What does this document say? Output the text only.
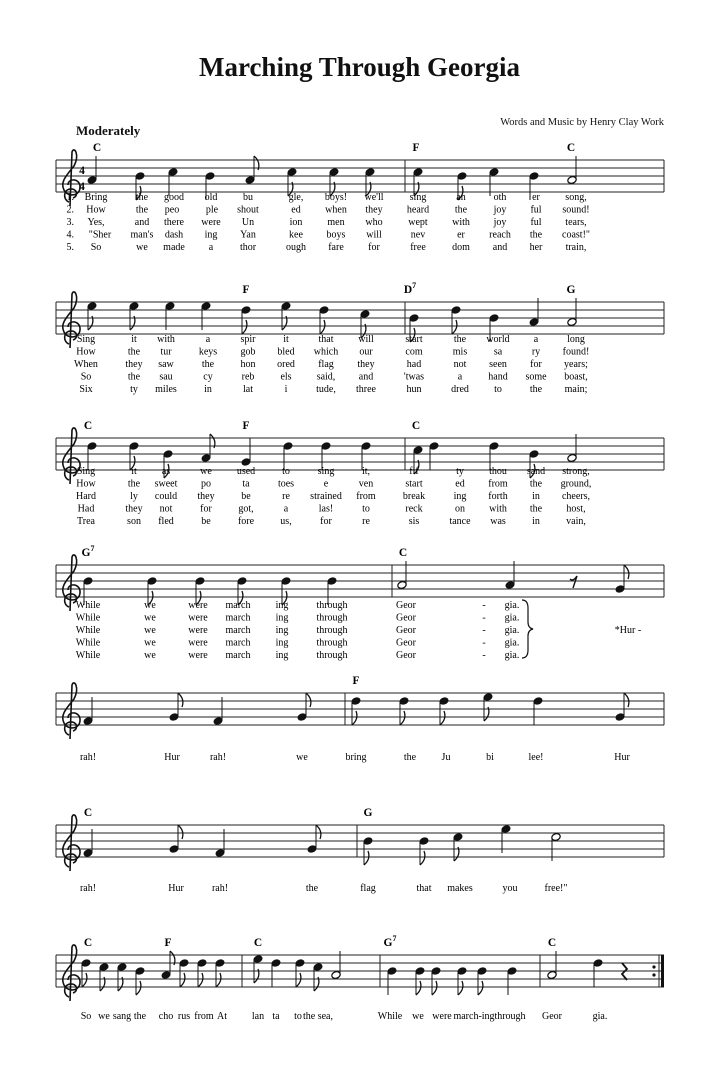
Marching Through Georgia
Words and Music by Henry Clay Work
Moderately
4
4
C	F	C
1. Bring	the good old	bu	gle, boys! we'll	sing	an	oth	er	song,
2. How	the peo	ple shout	ed when they heard	the	joy ful sound!
3. Yes,	and there were Un	ion	men who	wept with joy ful tears,
4. "Sher man's dash ing Yan	kee boys will	nev	er reach the coast!"
5. So	we made a	thor	ough fare for	free	dom and her train,
F	$D^7$	G
Sing	it with	a	spir	it	that will	start	the world a	long
How	the tur	keys gob bled which our	com	mis	sa	ry found!
When	they saw	the	hon ored flag they	had	not seen for years;
So	the sau	cy	reb	els	said, and	'twas	a	hand some boast,
Six	ty miles	in	lat	i	tude, three	hun	dred	to	the main;
C	F	C
Sing	it	as	we used	to	sing	it,	fif	ty	thou sand strong,
How	the sweet po	ta	toes	e	ven	start	ed from the ground,
Hard	ly could they	be	re strained from	break	ing forth in cheers,
Had	they not	for	got,	a	las!	to	reck	on with the host,
Trea	son fled	be	fore	us,	for	re	sis	tance was	in	vain,
$G^7$	C
While	we	were march	ing	through	Geor	- gia.
While	we	were march	ing	through	Geor	- gia.
While	we	were march	ing	through	Geor	- gia.
While	we	were march	ing	through	Geor	- gia.
While	we	were march	ing	through	Geor	- gia.
*Hur -
F
rah!	Hur	rah!	we	bring	the	Ju	bi	lee!	Hur
C	G
rah!	Hur	rah!	the	flag	that makes	you	free!"
C	F	C	$G^7$	C
So we sang the cho rus from At lan ta to the sea,	While we were march-ing through Geor	gia.
